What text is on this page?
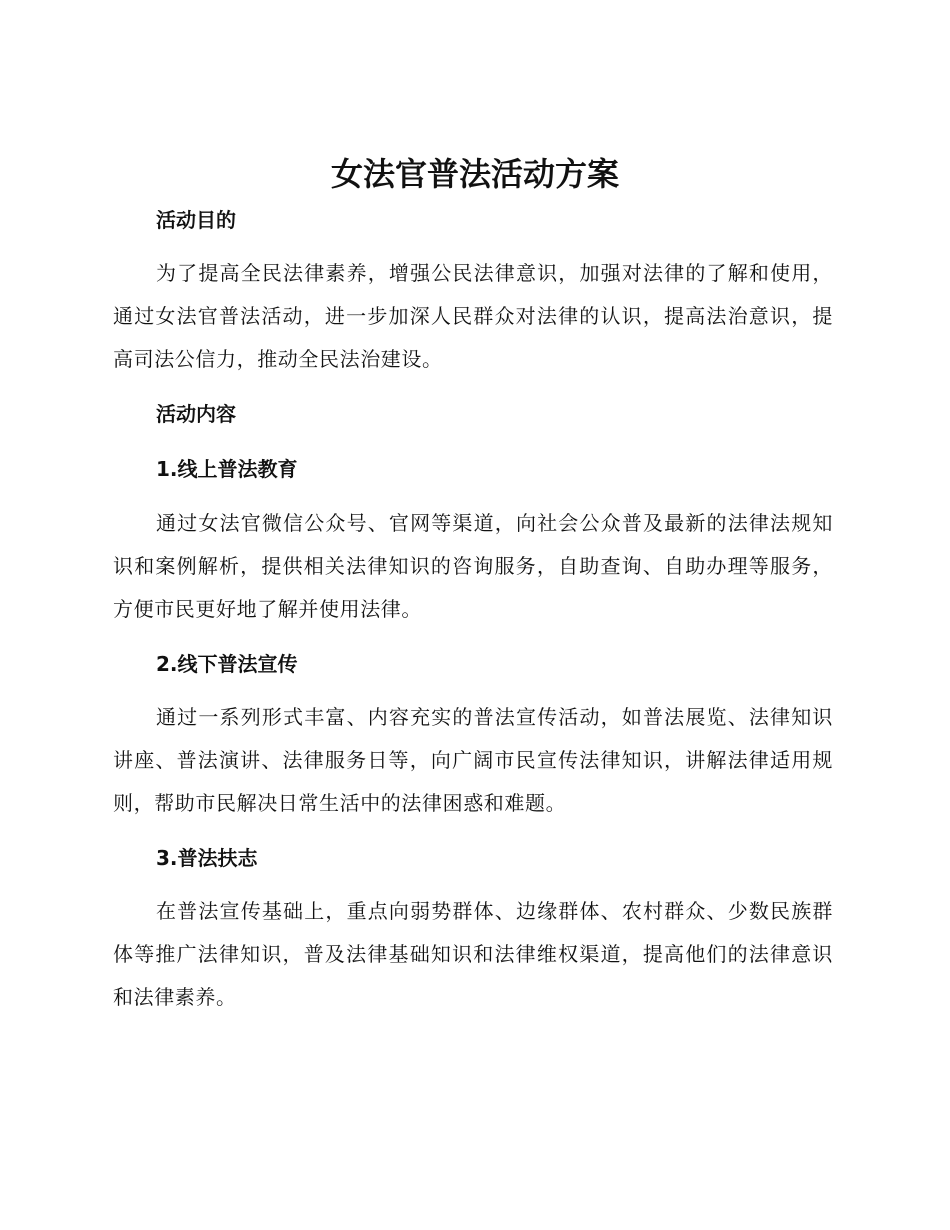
女法官普法活动方案
活动目的

为了提高全民法律素养，增强公民法律意识，加强对法律的了解和使用，通过女法官普法活动，进一步加深人民群众对法律的认识，提高法治意识，提高司法公信力，推动全民法治建设。

活动内容
1.线上普法教育

通过女法官微信公众号、官网等渠道，向社会公众普及最新的法律法规知识和案例解析，提供相关法律知识的咨询服务，自助查询、自助办理等服务，方便市民更好地了解并使用法律。

2.线下普法宣传

通过一系列形式丰富、内容充实的普法宣传活动，如普法展览、法律知识讲座、普法演讲、法律服务日等，向广阔市民宣传法律知识，讲解法律适用规则，帮助市民解决日常生活中的法律困惑和难题。

3.普法扶志

在普法宣传基础上，重点向弱势群体、边缘群体、农村群众、少数民族群体等推广法律知识，普及法律基础知识和法律维权渠道，提高他们的法律意识和法律素养。
